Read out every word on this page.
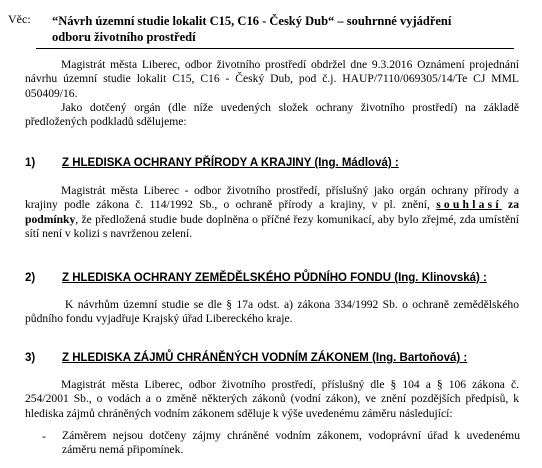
Věc: “Návrh územní studie lokalit C15, C16 - Český Dub“ – souhrnné vyjádření
odboru životního prostředí
Magistrát města Liberec, odbor životního prostředí obdržel dne 9.3.2016 Oznámení projednání návrhu územní studie lokalit C15, C16 - Český Dub, pod č.j. HAUP/7110/069305/14/Te CJ MML 050409/16.
Jako dotčený orgán (dle níže uvedených složek ochrany životního prostředí) na základě předložených podkladů sdělujeme:
1) Z HLEDISKA OCHRANY PŘÍRODY A KRAJINY (Ing. Mádlová) :
Magistrát města Liberec - odbor životního prostředí, příslušný jako orgán ochrany přírody a krajiny podle zákona č. 114/1992 Sb., o ochraně přírody a krajiny, v pl. znění, souhlasí za podmínky, že předložená studie bude doplněna o příčné řezy komunikací, aby bylo zřejmé, zda umístění sítí není v kolizi s navrženou zelení.
2) Z HLEDISKA OCHRANY ZEMĚDĚLSKÉHO PŮDNÍHO FONDU (Ing. Klinovská) :
K návrhům územní studie se dle § 17a odst. a) zákona 334/1992 Sb. o ochraně zemědělského půdního fondu vyjadřuje Krajský úřad Libereckého kraje.
3) Z HLEDISKA ZÁJMŮ CHRÁNĚNÝCH VODNÍM ZÁKONEM (Ing. Bartoňová) :
Magistrát města Liberec, odbor životního prostředí, příslušný dle § 104 a § 106 zákona č. 254/2001 Sb., o vodách a o změně některých zákonů (vodní zákon), ve znění pozdějších předpisů, k hlediska zájmů chráněných vodním zákonem sděluje k výše uvedenému záměru následující:
- Záměrem nejsou dotčeny zájmy chráněné vodním zákonem, vodoprávní úřad k uvedenému záměru nemá připomínek.
